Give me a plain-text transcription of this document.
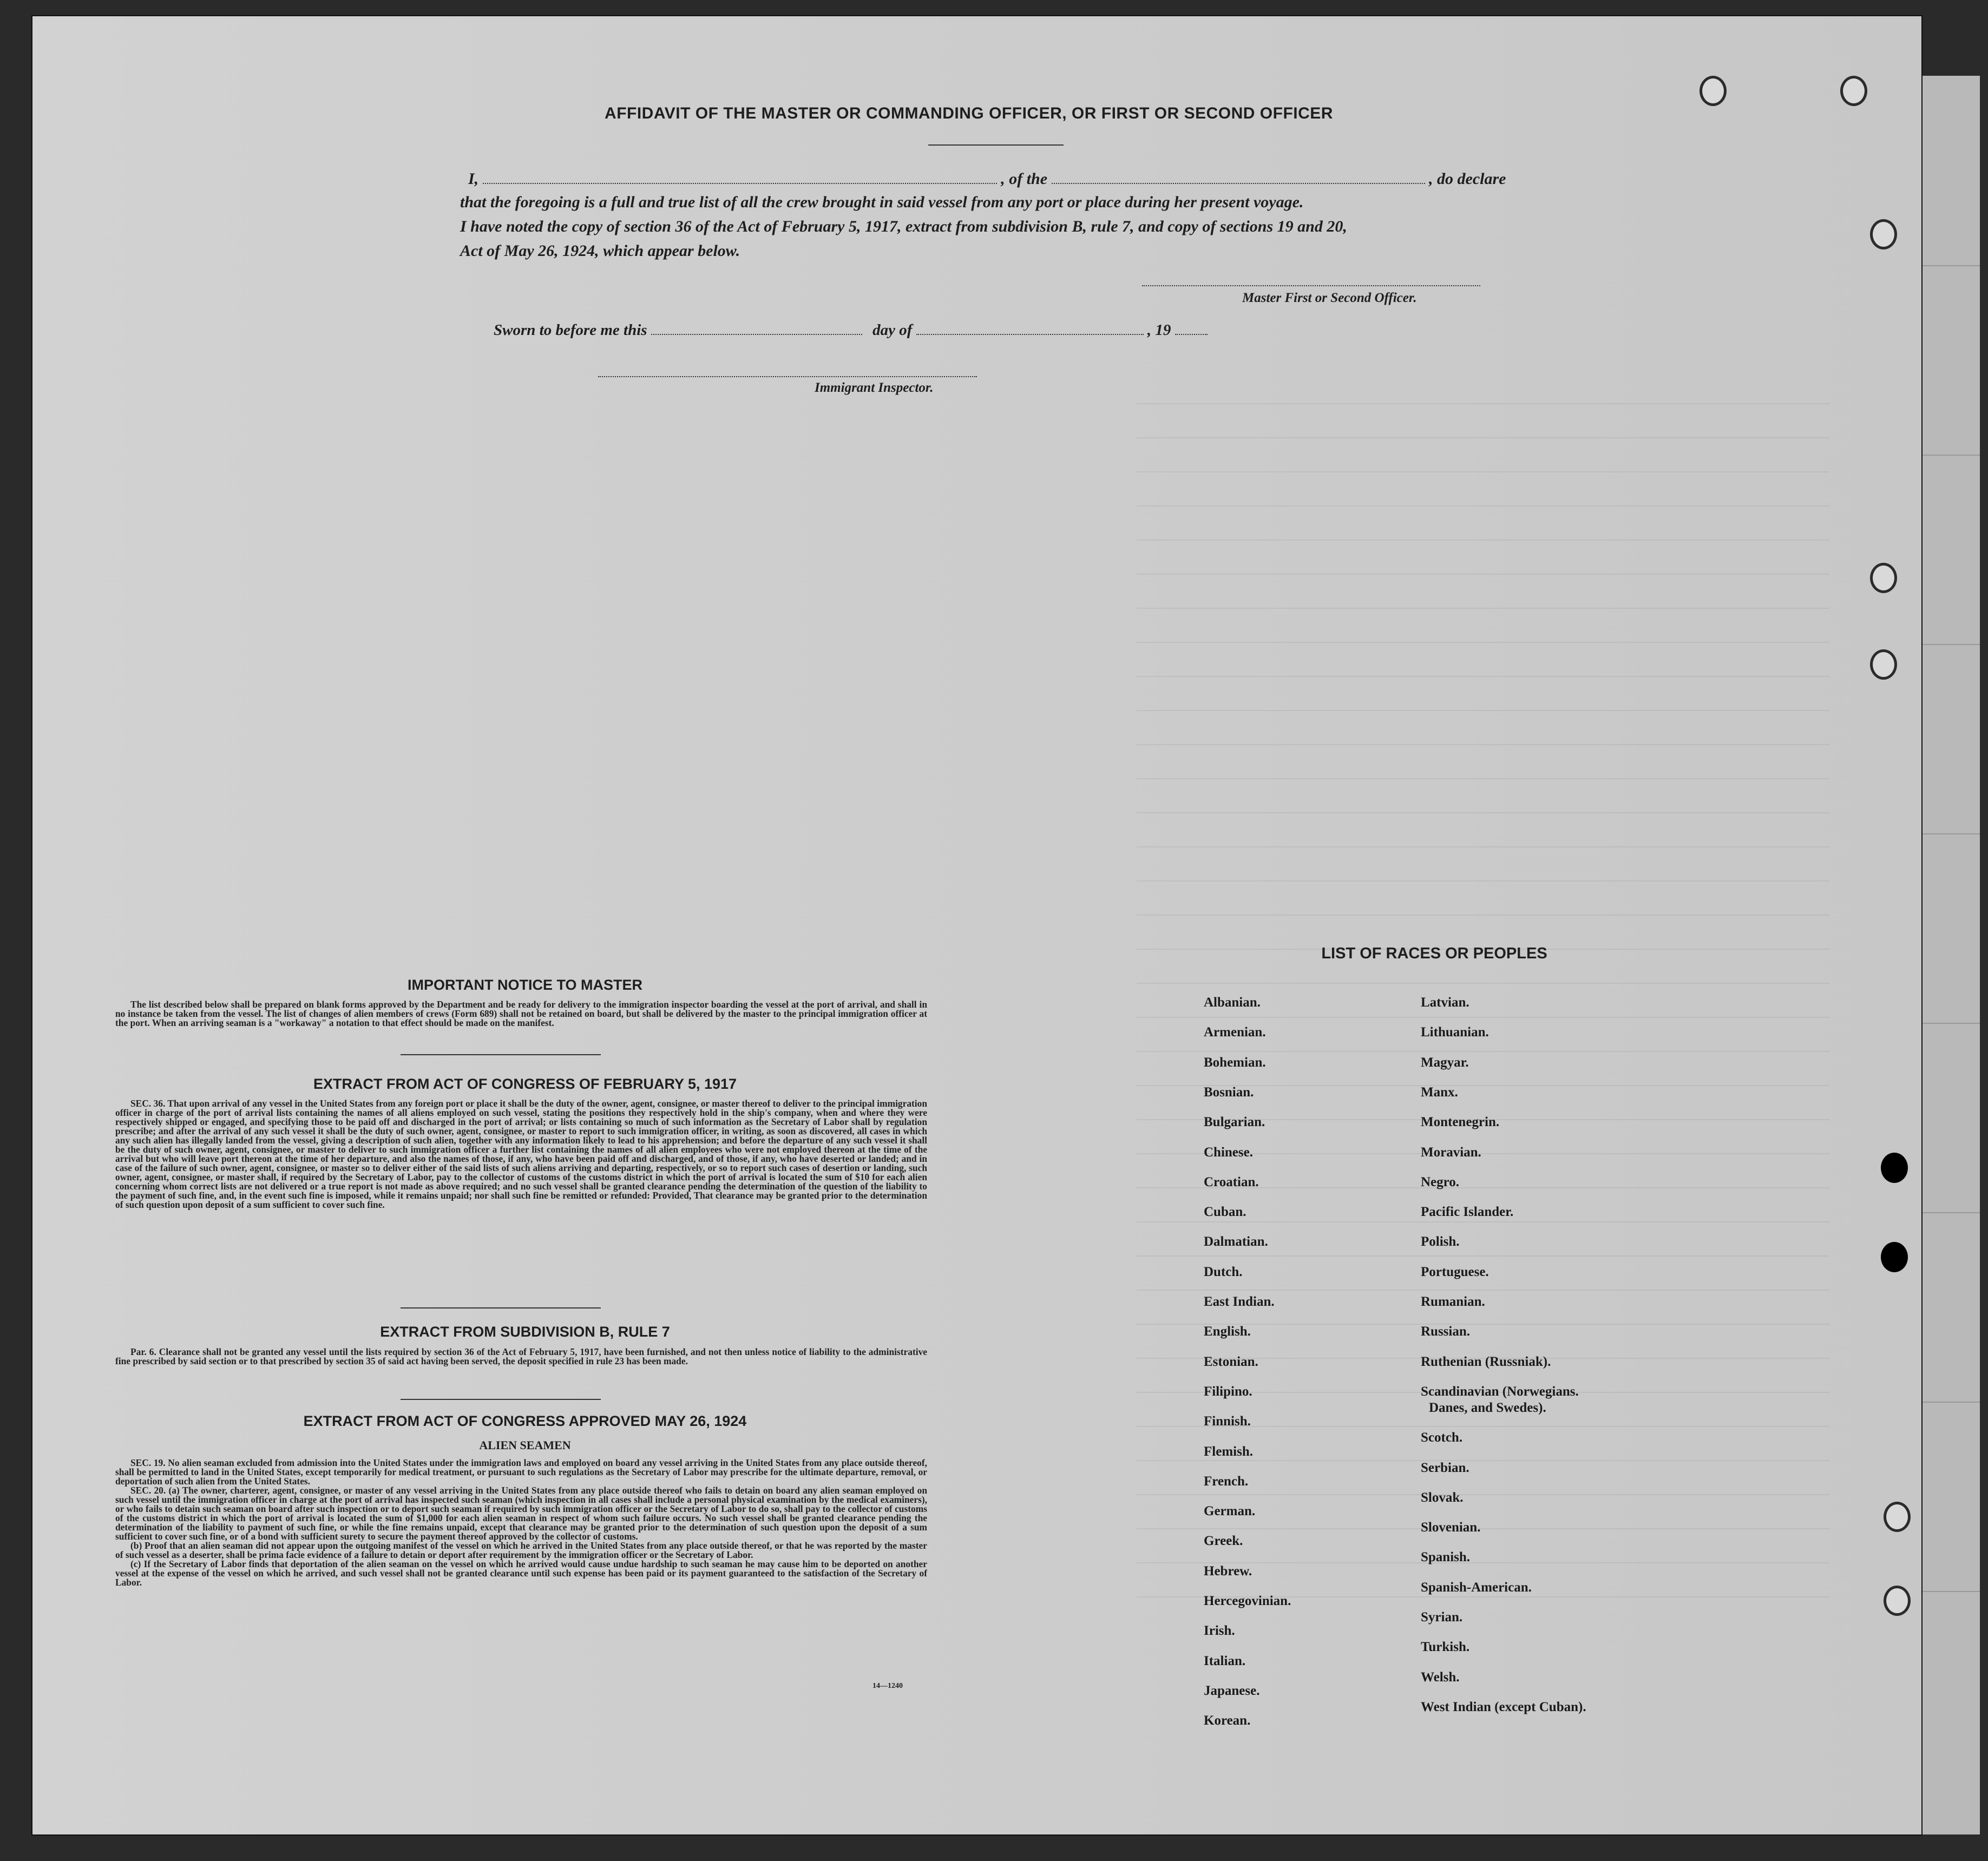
AFFIDAVIT OF THE MASTER OR COMMANDING OFFICER, OR FIRST OR SECOND OFFICER
I,	, of the	, do declare
that the foregoing is a full and true list of all the crew brought in said vessel from any port or place during her present voyage.
I have noted the copy of section 36 of the Act of February 5, 1917, extract from subdivision B, rule 7, and copy of sections 19 and 20,
Act of May 26, 1924, which appear below.
Master First or Second Officer.
Sworn to before me this	day of	, 19
Immigrant Inspector.
IMPORTANT NOTICE TO MASTER

The list described below shall be prepared on blank forms approved by the Department and be ready for delivery to the immigration inspector boarding the vessel at the port of arrival, and shall in no instance be taken from the vessel. The list of changes of alien members of crews (Form 689) shall not be retained on board, but shall be delivered by the master to the principal immigration officer at the port. When an arriving seaman is a "workaway" a notation to that effect should be made on the manifest.

EXTRACT FROM ACT OF CONGRESS OF FEBRUARY 5, 1917

SEC. 36. That upon arrival of any vessel in the United States from any foreign port or place it shall be the duty of the owner, agent, consignee, or master thereof to deliver to the principal immigration officer in charge of the port of arrival lists containing the names of all aliens employed on such vessel, stating the positions they respectively hold in the ship's company, when and where they were respectively shipped or engaged, and specifying those to be paid off and discharged in the port of arrival; or lists containing so much of such information as the Secretary of Labor shall by regulation prescribe; and after the arrival of any such vessel it shall be the duty of such owner, agent, consignee, or master to report to such immigration officer, in writing, as soon as discovered, all cases in which any such alien has illegally landed from the vessel, giving a description of such alien, together with any information likely to lead to his apprehension; and before the departure of any such vessel it shall be the duty of such owner, agent, consignee, or master to deliver to such immigration officer a further list containing the names of all alien employees who were not employed thereon at the time of the arrival but who will leave port thereon at the time of her departure, and also the names of those, if any, who have been paid off and discharged, and of those, if any, who have deserted or landed; and in case of the failure of such owner, agent, consignee, or master so to deliver either of the said lists of such aliens arriving and departing, respectively, or so to report such cases of desertion or landing, such owner, agent, consignee, or master shall, if required by the Secretary of Labor, pay to the collector of customs of the customs district in which the port of arrival is located the sum of $10 for each alien concerning whom correct lists are not delivered or a true report is not made as above required; and no such vessel shall be granted clearance pending the determination of the question of the liability to the payment of such fine, and, in the event such fine is imposed, while it remains unpaid; nor shall such fine be remitted or refunded: Provided, That clearance may be granted prior to the determination of such question upon deposit of a sum sufficient to cover such fine.

EXTRACT FROM SUBDIVISION B, RULE 7

Par. 6. Clearance shall not be granted any vessel until the lists required by section 36 of the Act of February 5, 1917, have been furnished, and not then unless notice of liability to the administrative fine prescribed by said section or to that prescribed by section 35 of said act having been served, the deposit specified in rule 23 has been made.

EXTRACT FROM ACT OF CONGRESS APPROVED MAY 26, 1924
ALIEN SEAMEN

SEC. 19. No alien seaman excluded from admission into the United States under the immigration laws and employed on board any vessel arriving in the United States from any place outside thereof, shall be permitted to land in the United States, except temporarily for medical treatment, or pursuant to such regulations as the Secretary of Labor may prescribe for the ultimate departure, removal, or deportation of such alien from the United States.

SEC. 20. (a) The owner, charterer, agent, consignee, or master of any vessel arriving in the United States from any place outside thereof who fails to detain on board any alien seaman employed on such vessel until the immigration officer in charge at the port of arrival has inspected such seaman (which inspection in all cases shall include a personal physical examination by the medical examiners), or who fails to detain such seaman on board after such inspection or to deport such seaman if required by such immigration officer or the Secretary of Labor to do so, shall pay to the collector of customs of the customs district in which the port of arrival is located the sum of $1,000 for each alien seaman in respect of whom such failure occurs. No such vessel shall be granted clearance pending the determination of the liability to payment of such fine, or while the fine remains unpaid, except that clearance may be granted prior to the determination of such question upon the deposit of a sum sufficient to cover such fine, or of a bond with sufficient surety to secure the payment thereof approved by the collector of customs.

(b) Proof that an alien seaman did not appear upon the outgoing manifest of the vessel on which he arrived in the United States from any place outside thereof, or that he was reported by the master of such vessel as a deserter, shall be prima facie evidence of a failure to detain or deport after requirement by the immigration officer or the Secretary of Labor.

(c) If the Secretary of Labor finds that deportation of the alien seaman on the vessel on which he arrived would cause undue hardship to such seaman he may cause him to be deported on another vessel at the expense of the vessel on which he arrived, and such vessel shall not be granted clearance until such expense has been paid or its payment guaranteed to the satisfaction of the Secretary of Labor.

14—1240
LIST OF RACES OR PEOPLES
Albanian.
Armenian.
Bohemian.
Bosnian.
Bulgarian.
Chinese.
Croatian.
Cuban.
Dalmatian.
Dutch.
East Indian.
English.
Estonian.
Filipino.
Finnish.
Flemish.
French.
German.
Greek.
Hebrew.
Hercegovinian.
Irish.
Italian.
Japanese.
Korean.
Latvian.
Lithuanian.
Magyar.
Manx.
Montenegrin.
Moravian.
Negro.
Pacific Islander.
Polish.
Portuguese.
Rumanian.
Russian.
Ruthenian (Russniak).
Scandinavian (Norwegians.
Danes, and Swedes).
Scotch.
Serbian.
Slovak.
Slovenian.
Spanish.
Spanish-American.
Syrian.
Turkish.
Welsh.
West Indian (except Cuban).
